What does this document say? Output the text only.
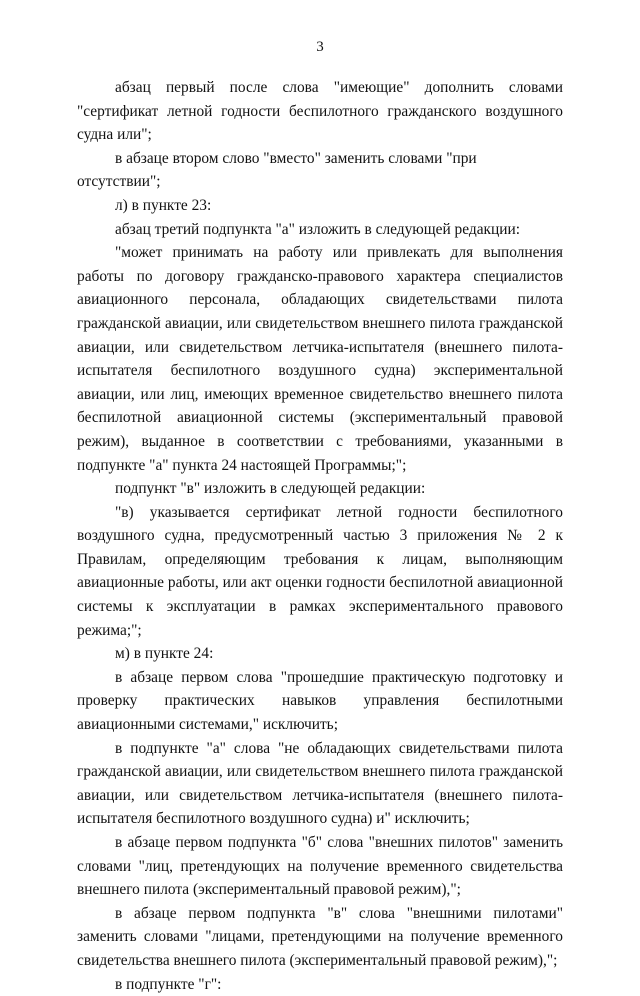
3

абзац первый после слова "имеющие" дополнить словами "сертификат летной годности беспилотного гражданского воздушного судна или";

в абзаце втором слово "вместо" заменить словами "при отсутствии";

л) в пункте 23:

абзац третий подпункта "а" изложить в следующей редакции:

"может принимать на работу или привлекать для выполнения работы по договору гражданско-правового характера специалистов авиационного персонала, обладающих свидетельствами пилота гражданской авиации, или свидетельством внешнего пилота гражданской авиации, или свидетельством летчика-испытателя (внешнего пилота-испытателя беспилотного воздушного судна) экспериментальной авиации, или лиц, имеющих временное свидетельство внешнего пилота беспилотной авиационной системы (экспериментальный правовой режим), выданное в соответствии с требованиями, указанными в подпункте "а" пункта 24 настоящей Программы;";

подпункт "в" изложить в следующей редакции:

"в) указывается сертификат летной годности беспилотного воздушного судна, предусмотренный частью 3 приложения № 2 к Правилам, определяющим требования к лицам, выполняющим авиационные работы, или акт оценки годности беспилотной авиационной системы к эксплуатации в рамках экспериментального правового режима;";

м) в пункте 24:

в абзаце первом слова "прошедшие практическую подготовку и проверку практических навыков управления беспилотными авиационными системами," исключить;

в подпункте "а" слова "не обладающих свидетельствами пилота гражданской авиации, или свидетельством внешнего пилота гражданской авиации, или свидетельством летчика-испытателя (внешнего пилота-испытателя беспилотного воздушного судна) и" исключить;

в абзаце первом подпункта "б" слова "внешних пилотов" заменить словами "лиц, претендующих на получение временного свидетельства внешнего пилота (экспериментальный правовой режим),";

в абзаце первом подпункта "в" слова "внешними пилотами" заменить словами "лицами, претендующими на получение временного свидетельства внешнего пилота (экспериментальный правовой режим),";

в подпункте "г":
